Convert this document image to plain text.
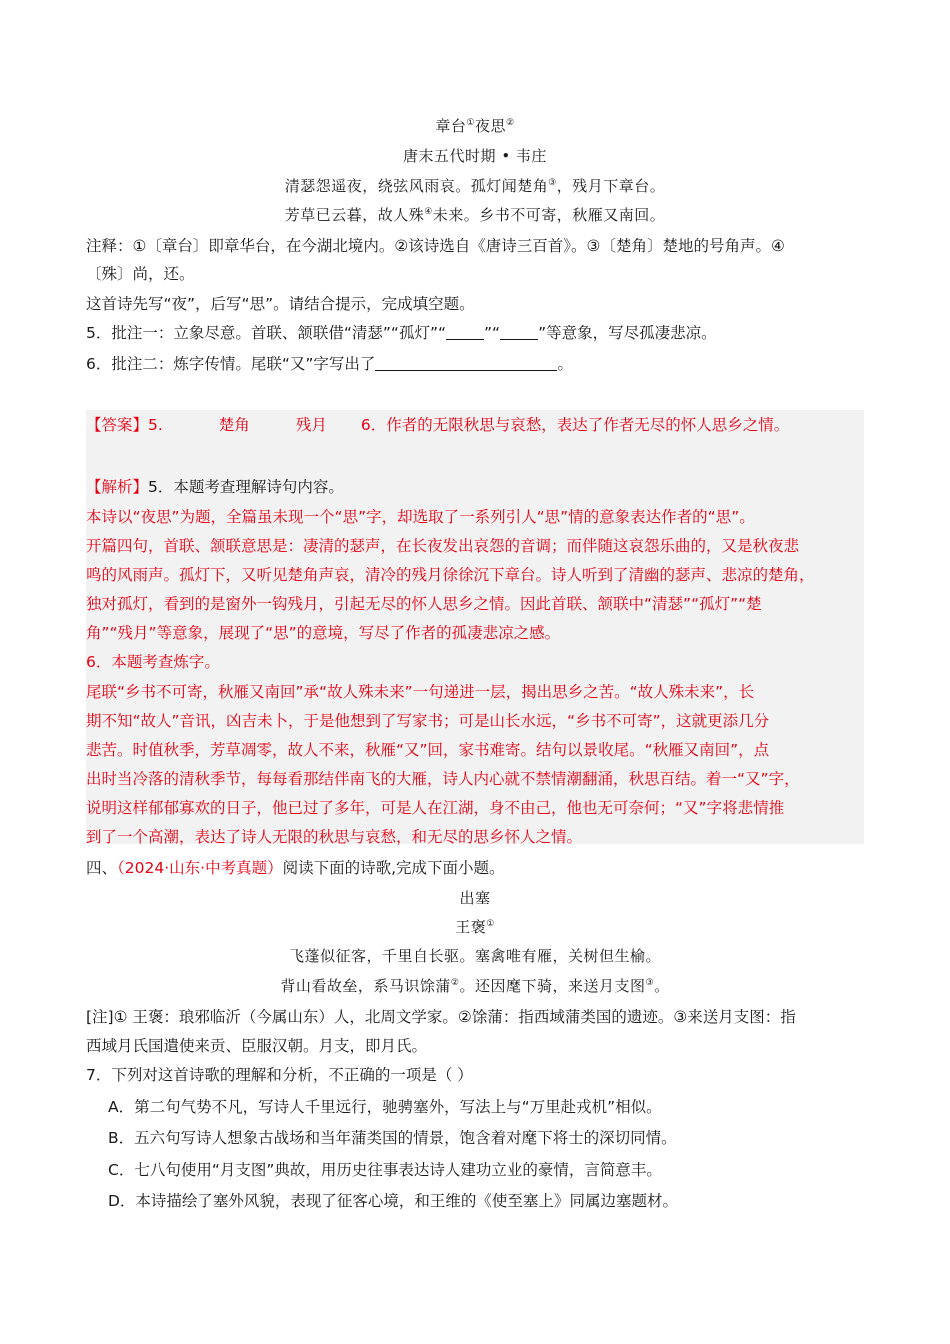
章台①夜思②
唐末五代时期 • 韦庄
清瑟怨遥夜，绕弦风雨哀。孤灯闻楚角③，残月下章台。
芳草已云暮，故人殊④未来。乡书不可寄，秋雁又南回。
注释：①〔章台〕即章华台，在今湖北境内。②该诗选自《唐诗三百首》。③〔楚角〕楚地的号角声。④
〔殊〕尚，还。
这首诗先写“夜”，后写“思”。请结合提示，完成填空题。
5．批注一：立象尽意。首联、颔联借“清瑟”“孤灯”“ ”“ ”等意象，写尽孤凄悲凉。
6．批注二：炼字传情。尾联“又”字写出了	。
【答案】5.	楚角	残月 6．作者的无限秋思与哀愁，表达了作者无尽的怀人思乡之情。
【解析】5．本题考查理解诗句内容。
本诗以“夜思”为题，全篇虽未现一个“思”字，却选取了一系列引人“思”情的意象表达作者的“思”。
开篇四句，首联、颔联意思是：凄清的瑟声，在长夜发出哀怨的音调；而伴随这哀怨乐曲的，又是秋夜悲
鸣的风雨声。孤灯下，又听见楚角声哀，清冷的残月徐徐沉下章台。诗人听到了清幽的瑟声、悲凉的楚角，
独对孤灯，看到的是窗外一钩残月，引起无尽的怀人思乡之情。因此首联、颔联中“清瑟”“孤灯”“楚
角”“残月”等意象，展现了“思”的意境，写尽了作者的孤凄悲凉之感。
6．本题考查炼字。
尾联“乡书不可寄，秋雁又南回”承“故人殊未来”一句递进一层，揭出思乡之苦。“故人殊未来”，长
期不知“故人”音讯，凶吉未卜，于是他想到了写家书；可是山长水远，“乡书不可寄”，这就更添几分
悲苦。时值秋季，芳草凋零，故人不来，秋雁“又”回，家书难寄。结句以景收尾。“秋雁又南回”，点
出时当冷落的清秋季节，每每看那结伴南飞的大雁，诗人内心就不禁情潮翻涌，秋思百结。着一“又”字，
说明这样郁郁寡欢的日子，他已过了多年，可是人在江湖，身不由己，他也无可奈何；“又”字将悲情推
到了一个高潮，表达了诗人无限的秋思与哀愁，和无尽的思乡怀人之情。
四、（2024·山东·中考真题）阅读下面的诗歌,完成下面小题。
出塞
王褒①
飞蓬似征客，千里自长驱。塞禽唯有雁，关树但生榆。
背山看故垒，系马识馀蒲②。还因麾下骑，来送月支图③。
[注]① 王褒：琅邪临沂（今属山东）人，北周文学家。②馀蒲：指西域蒲类国的遗迹。③来送月支图：指
西域月氏国遣使来贡、臣服汉朝。月支，即月氏。
7．下列对这首诗歌的理解和分析，不正确的一项是（ ）
A．第二句气势不凡，写诗人千里远行，驰骋塞外，写法上与“万里赴戎机”相似。
B．五六句写诗人想象古战场和当年蒲类国的情景，饱含着对麾下将士的深切同情。
C．七八句使用“月支图”典故，用历史往事表达诗人建功立业的豪情，言简意丰。
D．本诗描绘了塞外风貌，表现了征客心境，和王维的《使至塞上》同属边塞题材。
